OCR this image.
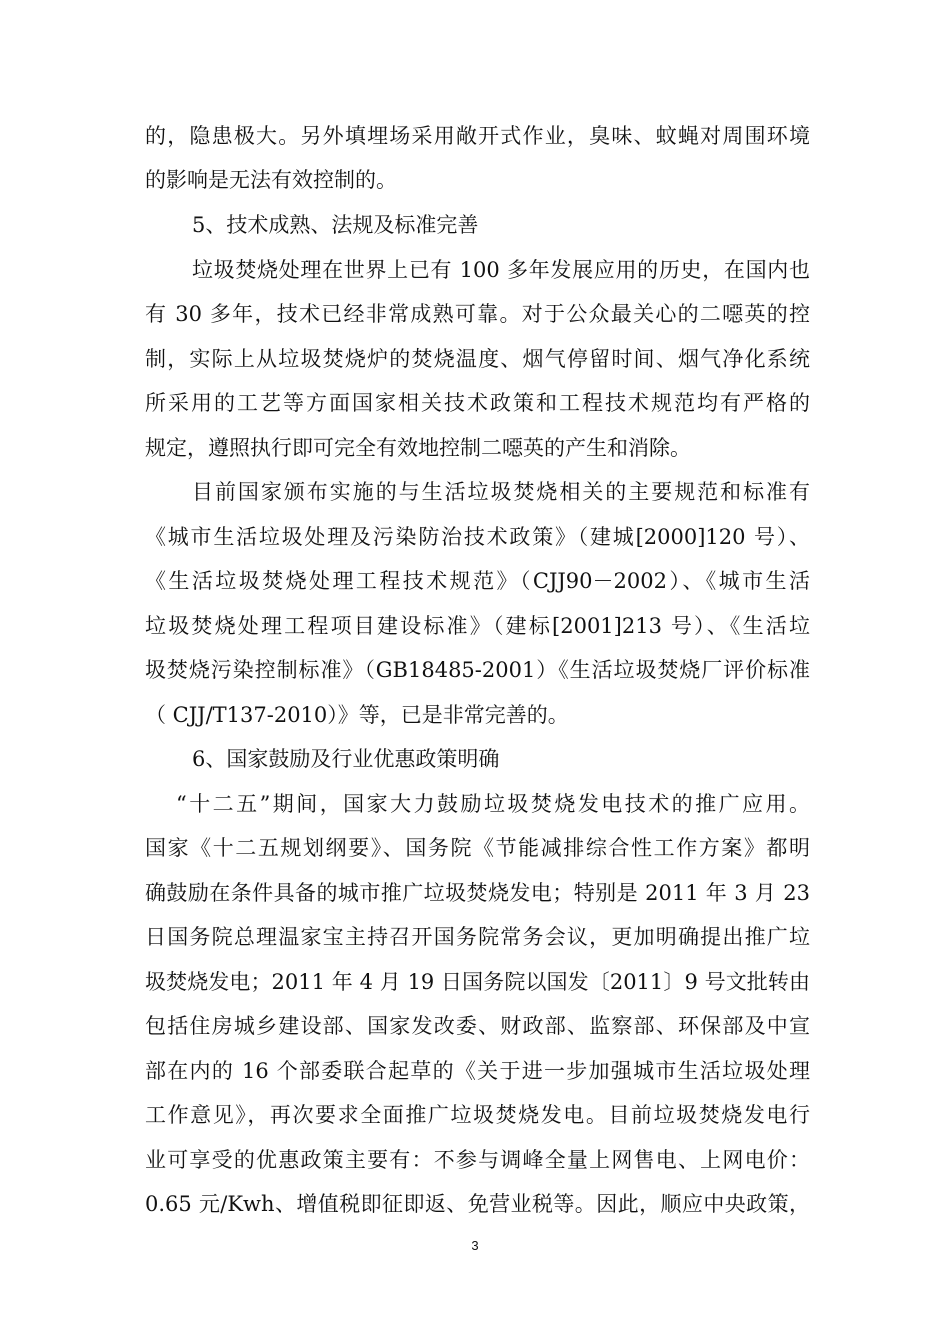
的，隐患极大。另外填埋场采用敞开式作业，臭味、蚊蝇对周围环境
的影响是无法有效控制的。
5、技术成熟、法规及标准完善
垃圾焚烧处理在世界上已有 100 多年发展应用的历史，在国内也
有 30 多年，技术已经非常成熟可靠。对于公众最关心的二噁英的控
制，实际上从垃圾焚烧炉的焚烧温度、烟气停留时间、烟气净化系统
所采用的工艺等方面国家相关技术政策和工程技术规范均有严格的
规定，遵照执行即可完全有效地控制二噁英的产生和消除。
目前国家颁布实施的与生活垃圾焚烧相关的主要规范和标准有
《城市生活垃圾处理及污染防治技术政策》（建城[2000]120 号）、
《生活垃圾焚烧处理工程技术规范》（CJJ90－2002）、《城市生活
垃圾焚烧处理工程项目建设标准》（建标[2001]213 号）、《生活垃
圾焚烧污染控制标准》（GB18485-2001）《生活垃圾焚烧厂评价标准
（ CJJ/T137-2010）》等，已是非常完善的。
6、国家鼓励及行业优惠政策明确
“十二五”期间，国家大力鼓励垃圾焚烧发电技术的推广应用。
国家《十二五规划纲要》、国务院《节能减排综合性工作方案》都明
确鼓励在条件具备的城市推广垃圾焚烧发电；特别是 2011 年 3 月 23
日国务院总理温家宝主持召开国务院常务会议，更加明确提出推广垃
圾焚烧发电；2011 年 4 月 19 日国务院以国发〔2011〕9 号文批转由
包括住房城乡建设部、国家发改委、财政部、监察部、环保部及中宣
部在内的 16 个部委联合起草的《关于进一步加强城市生活垃圾处理
工作意见》，再次要求全面推广垃圾焚烧发电。目前垃圾焚烧发电行
业可享受的优惠政策主要有：不参与调峰全量上网售电、上网电价：
0.65 元/Kwh、增值税即征即返、免营业税等。因此，顺应中央政策，
3
